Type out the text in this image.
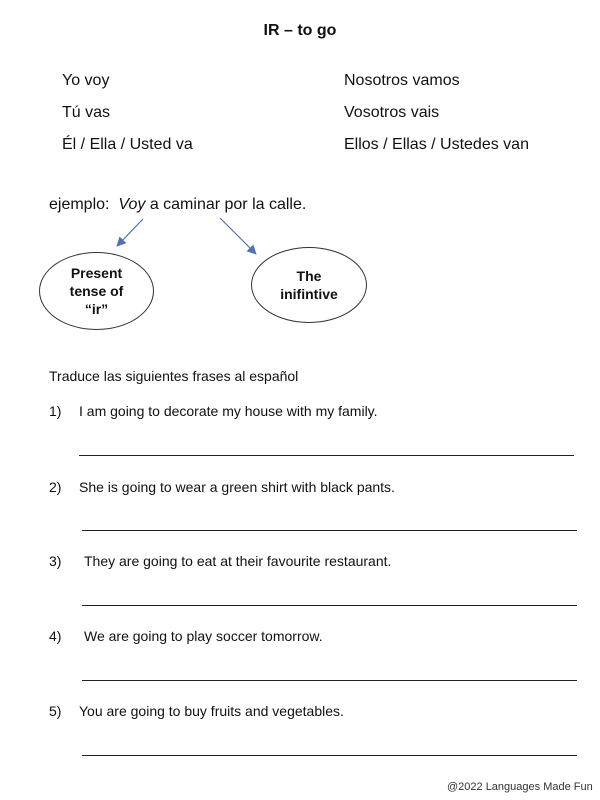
IR – to go
Yo voy
Tú vas
Él / Ella / Usted va
Nosotros vamos
Vosotros vais
Ellos / Ellas / Ustedes van
ejemplo: Voy a caminar por la calle.
Present
tense of
“ir”
The
inifintive
Traduce las siguientes frases al español
1) I am going to decorate my house with my family.
2) She is going to wear a green shirt with black pants.
3) They are going to eat at their favourite restaurant.
4) We are going to play soccer tomorrow.
5) You are going to buy fruits and vegetables.
@2022 Languages Made Fun
